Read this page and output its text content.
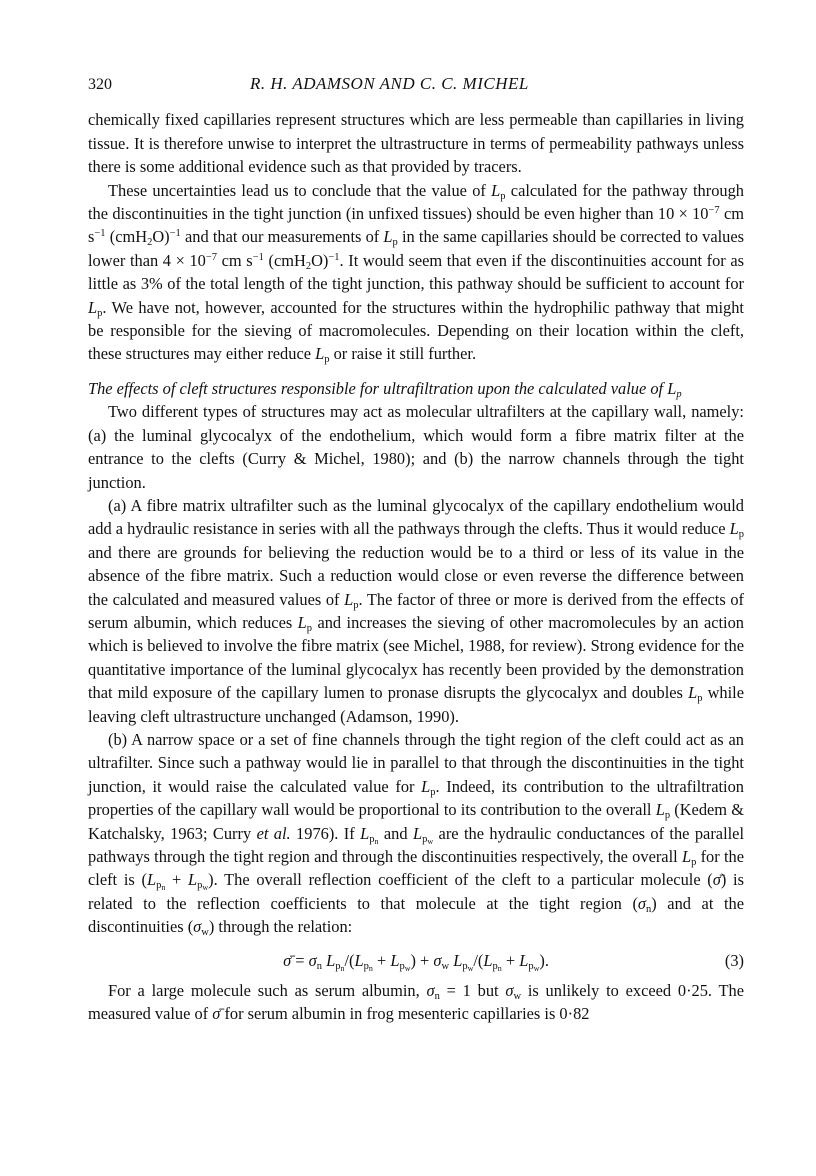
320	R. H. ADAMSON AND C. C. MICHEL

chemically fixed capillaries represent structures which are less permeable than capillaries in living tissue. It is therefore unwise to interpret the ultrastructure in terms of permeability pathways unless there is some additional evidence such as that provided by tracers.

These uncertainties lead us to conclude that the value of $L_p$ calculated for the pathway through the discontinuities in the tight junction (in unfixed tissues) should be even higher than $10 \times 10^{-7}$ cm $s^{-1}$ $(cmH_2O)^{-1}$ and that our measurements of $L_p$ in the same capillaries should be corrected to values lower than $4 \times 10^{-7}$ cm $s^{-1}$ $(cmH_2O)^{-1}$. It would seem that even if the discontinuities account for as little as 3% of the total length of the tight junction, this pathway should be sufficient to account for $L_p$. We have not, however, accounted for the structures within the hydrophilic pathway that might be responsible for the sieving of macromolecules. Depending on their location within the cleft, these structures may either reduce $L_p$ or raise it still further.

The effects of cleft structures responsible for ultrafiltration upon the calculated value of $L_p$

Two different types of structures may act as molecular ultrafilters at the capillary wall, namely: (a) the luminal glycocalyx of the endothelium, which would form a fibre matrix filter at the entrance to the clefts (Curry & Michel, 1980); and (b) the narrow channels through the tight junction.

(a) A fibre matrix ultrafilter such as the luminal glycocalyx of the capillary endothelium would add a hydraulic resistance in series with all the pathways through the clefts. Thus it would reduce $L_p$ and there are grounds for believing the reduction would be to a third or less of its value in the absence of the fibre matrix. Such a reduction would close or even reverse the difference between the calculated and measured values of $L_p$. The factor of three or more is derived from the effects of serum albumin, which reduces $L_p$ and increases the sieving of other macromolecules by an action which is believed to involve the fibre matrix (see Michel, 1988, for review). Strong evidence for the quantitative importance of the luminal glycocalyx has recently been provided by the demonstration that mild exposure of the capillary lumen to pronase disrupts the glycocalyx and doubles $L_p$ while leaving cleft ultrastructure unchanged (Adamson, 1990).

(b) A narrow space or a set of fine channels through the tight region of the cleft could act as an ultrafilter. Since such a pathway would lie in parallel to that through the discontinuities in the tight junction, it would raise the calculated value for $L_p$. Indeed, its contribution to the ultrafiltration properties of the capillary wall would be proportional to its contribution to the overall $L_p$ (Kedem & Katchalsky, 1963; Curry et al. 1976). If $L_{p_n}$ and $L_{p_w}$ are the hydraulic conductances of the parallel pathways through the tight region and through the discontinuities respectively, the overall $L_p$ for the cleft is $(L_{p_n} + L_{p_w})$. The overall reflection coefficient of the cleft to a particular molecule (σ̄) is related to the reflection coefficients to that molecule at the tight region $(\sigma_n)$ and at the discontinuities $(\sigma_w)$ through the relation:

σ̄ = $\sigma_n$ $L_{p_n}/(L_{p_n} + L_{p_w}) + \sigma_w$ $L_{p_w}/(L_{p_n} + L_{p_w})$.	(3)

For a large molecule such as serum albumin, $\sigma_n = 1$ but $\sigma_w$ is unlikely to exceed 0·25. The measured value of σ̄ for serum albumin in frog mesenteric capillaries is 0·82
